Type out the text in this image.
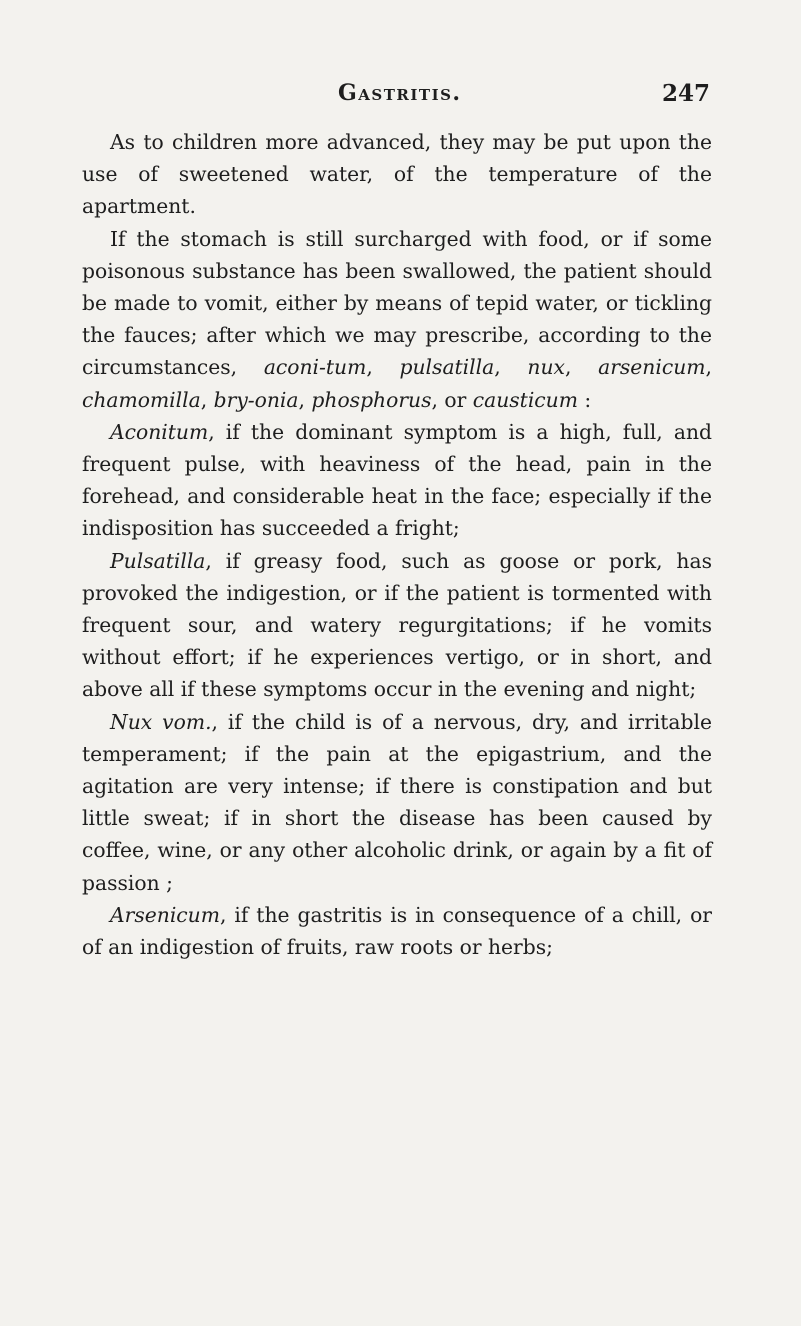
Gastritis.	247

As to children more advanced, they may be put upon the use of sweetened water, of the temperature of the apartment.

If the stomach is still surcharged with food, or if some poisonous substance has been swallowed, the patient should be made to vomit, either by means of tepid water, or tickling the fauces; after which we may prescribe, according to the circumstances, aconi-tum, pulsatilla, nux, arsenicum, chamomilla, bry-onia, phosphorus, or causticum :

Aconitum, if the dominant symptom is a high, full, and frequent pulse, with heaviness of the head, pain in the forehead, and considerable heat in the face; especially if the indisposition has succeeded a fright;

Pulsatilla, if greasy food, such as goose or pork, has provoked the indigestion, or if the patient is tormented with frequent sour, and watery regurgitations; if he vomits without effort; if he experiences vertigo, or in short, and above all if these symptoms occur in the evening and night;

Nux vom., if the child is of a nervous, dry, and irritable temperament; if the pain at the epigastrium, and the agitation are very intense; if there is constipation and but little sweat; if in short the disease has been caused by coffee, wine, or any other alcoholic drink, or again by a fit of passion ;

Arsenicum, if the gastritis is in consequence of a chill, or of an indigestion of fruits, raw roots or herbs;
